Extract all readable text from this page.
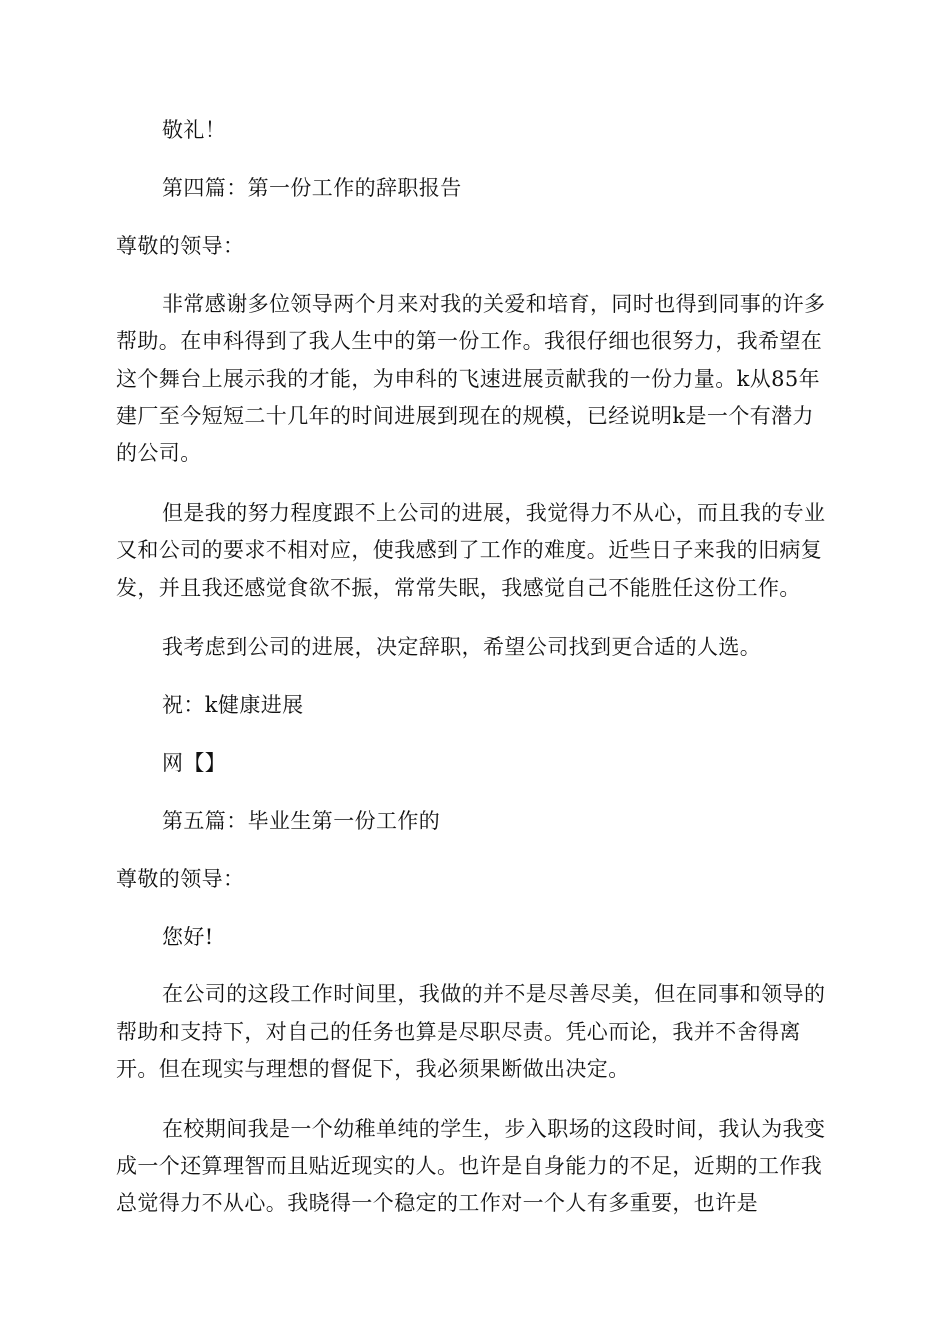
敬礼！

第四篇：第一份工作的辞职报告

尊敬的领导：

非常感谢多位领导两个月来对我的关爱和培育，同时也得到同事的许多帮助。在申科得到了我人生中的第一份工作。我很仔细也很努力，我希望在这个舞台上展示我的才能，为申科的飞速进展贡献我的一份力量。k从85年建厂至今短短二十几年的时间进展到现在的规模，已经说明k是一个有潜力的公司。

但是我的努力程度跟不上公司的进展，我觉得力不从心，而且我的专业又和公司的要求不相对应，使我感到了工作的难度。近些日子来我的旧病复发，并且我还感觉食欲不振，常常失眠，我感觉自己不能胜任这份工作。

我考虑到公司的进展，决定辞职，希望公司找到更合适的人选。

祝：k健康进展

网【】

第五篇：毕业生第一份工作的

尊敬的领导：

您好!

在公司的这段工作时间里，我做的并不是尽善尽美，但在同事和领导的帮助和支持下，对自己的任务也算是尽职尽责。凭心而论，我并不舍得离开。但在现实与理想的督促下，我必须果断做出决定。

在校期间我是一个幼稚单纯的学生，步入职场的这段时间，我认为我变成一个还算理智而且贴近现实的人。也许是自身能力的不足，近期的工作我总觉得力不从心。我晓得一个稳定的工作对一个人有多重要，也许是
